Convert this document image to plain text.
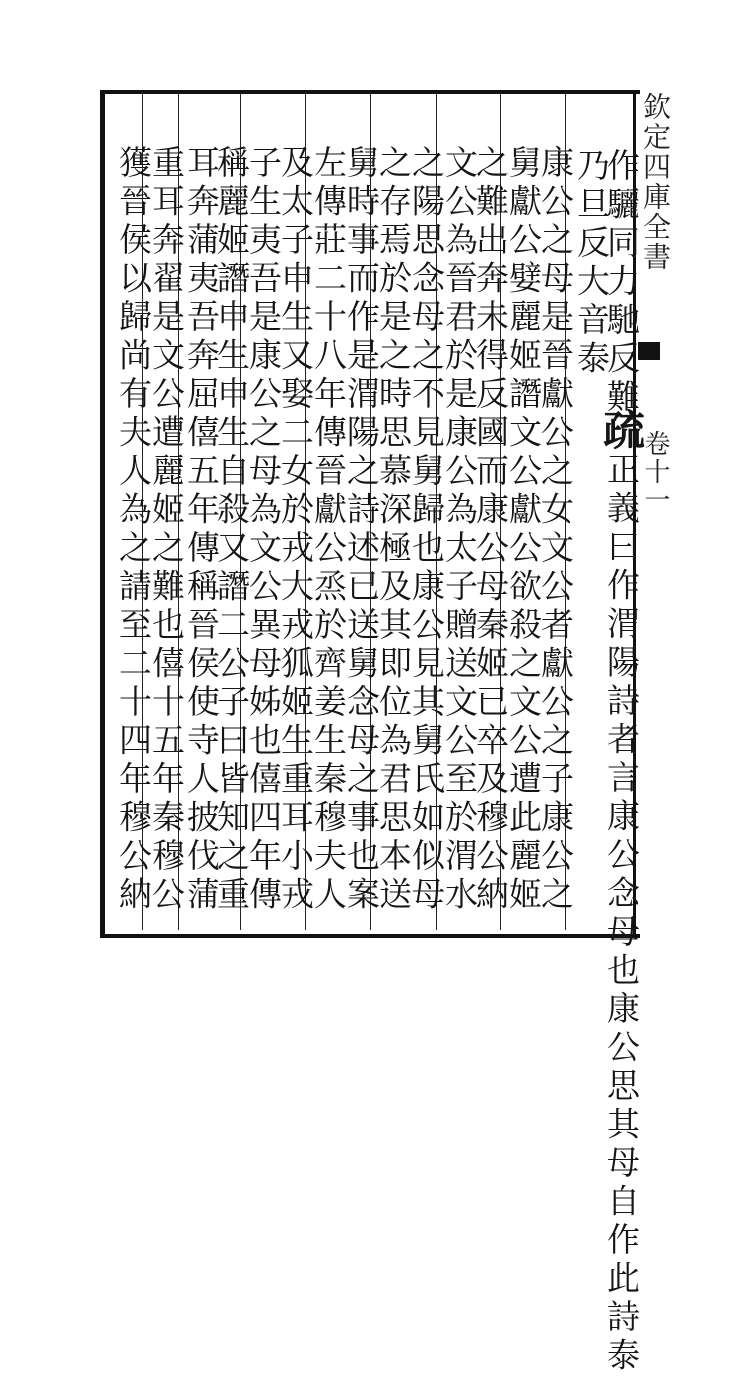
欽定四庫全書
卷十一
作驪同力馳反難
乃旦反大音泰
疏正義曰作渭陽詩者言康公念母也康公思其母自作此詩泰
康公之母是晉獻公之女文公者獻公之子康公之
舅獻公嬖麗姬譖文公獻公欲殺之文公遭此麗姬
之難出奔未得反國而康公母秦姬已卒及穆公納
文公為晉君於是康公為太子贈送文公至於渭水
之陽思念母之不見舅歸也康公見其舅氏如似母
之存焉於是之時思慕深極及其即位為君思本送
舅時事而作是渭陽之詩述已送舅念母之事也案
左傳莊二十八年傳晉獻公烝於齊姜生秦穆夫人
及太子申生又娶二女於戎大戎狐姬生重耳小戎
子生夷吾是康公之母為文公異母姊也僖四年傳
稱麗姬譖申生申生自殺又譖二公子曰皆知之重
耳奔蒲夷吾奔屈僖五年傳稱晉侯使寺人披伐蒲
重耳奔翟是文公遭麗姬之難也僖十五年秦穆公
獲晉侯以歸尚有夫人為之請至二十四年穆公納
